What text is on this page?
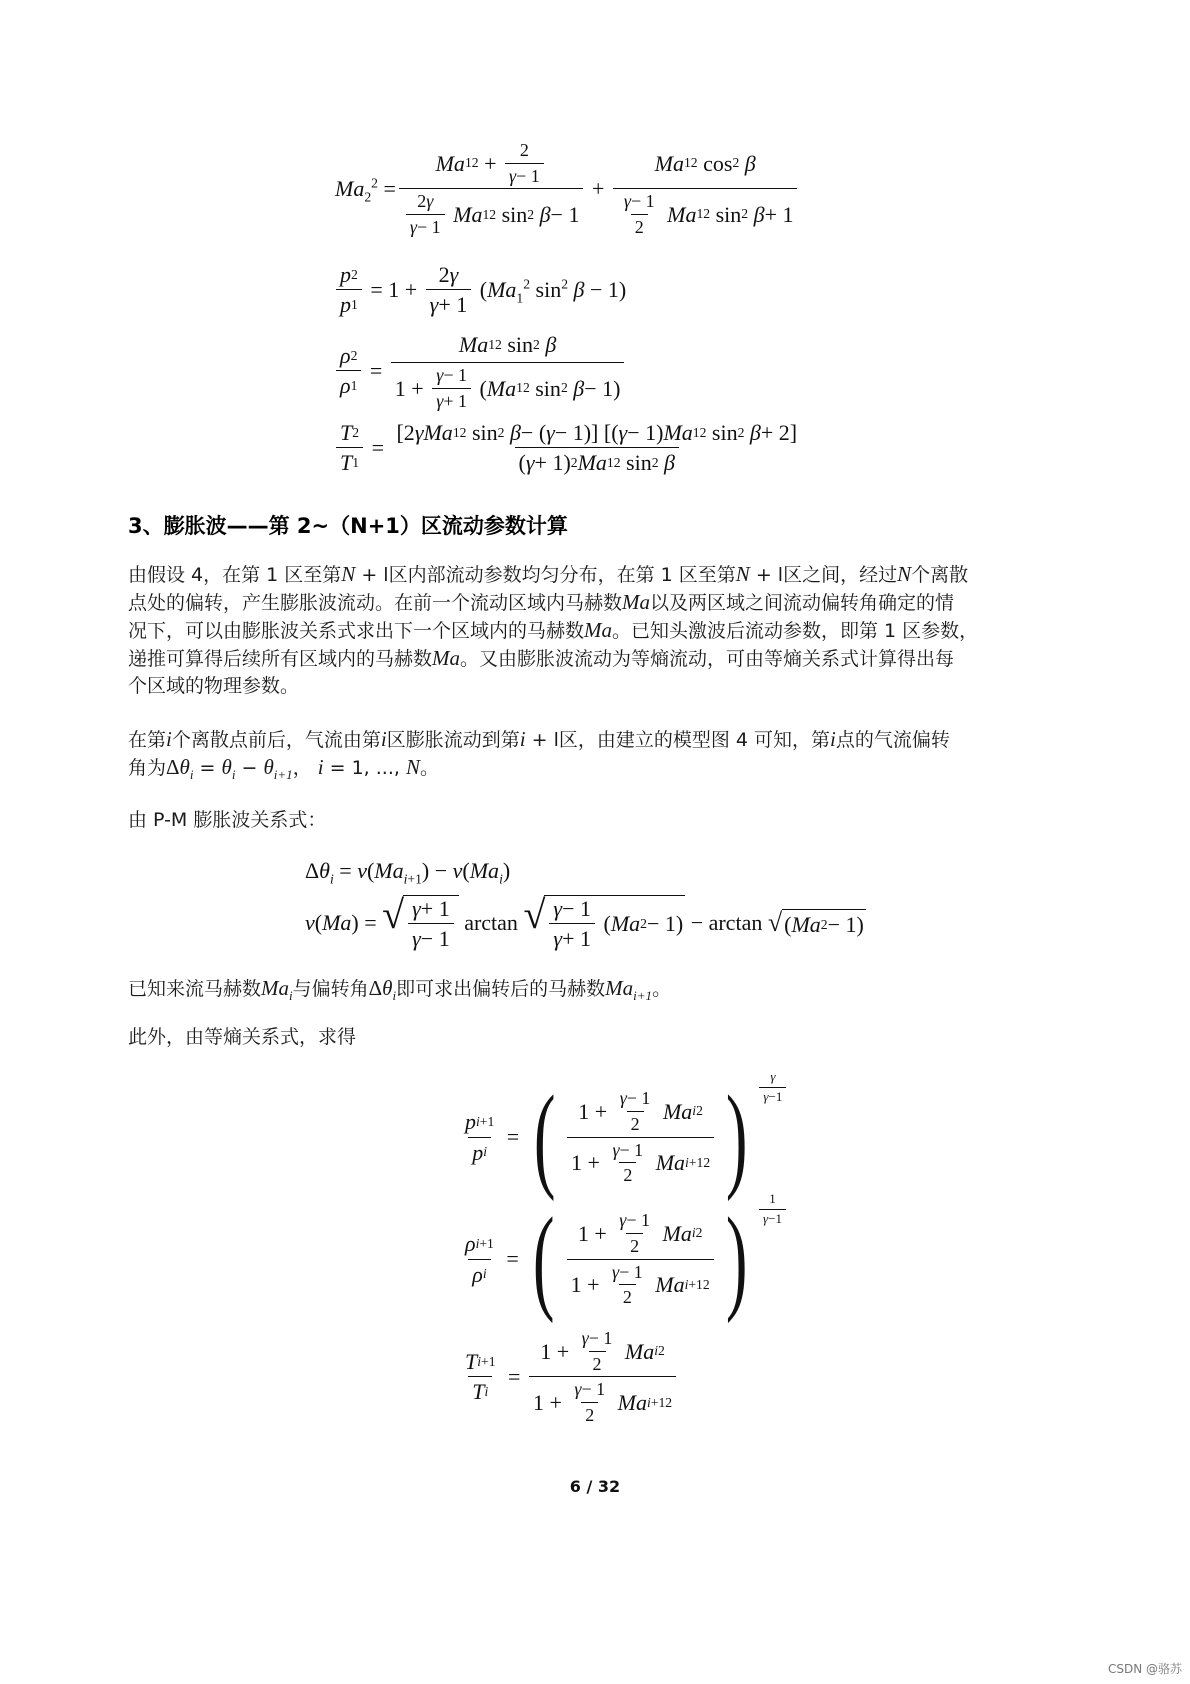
$Ma_2^2 = Ma$ 1 $2 + \frac{2}{\gamma - 1}$
$\frac{2 \gamma}{\gamma - 1}$
Ma 1 2 sin 2
β − 1 + Ma 1 2 cos 2
β
$\frac{\gamma - 1}{2}$
Ma 1 2 sin 2
β + 1
$\frac{p 2}{p 1} = 1 + \frac{2 \gamma}{\gamma + 1} (Ma_1^2$ $\sin^2 \beta - 1$)
$\frac{\rho 2}{\rho 1} = Ma$ 1 2 sin 2
β
$1 + \frac{\gamma - 1}{\gamma + 1}$ ( Ma 1 2 sin 2
β − 1)
$\frac{T 2}{T 1} = [2$ γMa 1 2 sin 2
β − ( γ − 1)] [( γ − 1) Ma 1 2 sin 2
β + 2]
( γ + 1) 2 Ma 1 2 sin 2
β
3、膨胀波——第 2~（N+1）区流动参数计算
由假设 4，在第 1 区至第N + l区内部流动参数均匀分布，在第 1 区至第N + l区之间，经过N个离散
点处的偏转，产生膨胀波流动。在前一个流动区域内马赫数Ma以及两区域之间流动偏转角确定的情
况下，可以由膨胀波关系式求出下一个区域内的马赫数Ma。已知头激波后流动参数，即第 1 区参数，
递推可算得后续所有区域内的马赫数Ma。又由膨胀波流动为等熵流动，可由等熵关系式计算得出每
个区域的物理参数。
在第i个离散点前后，气流由第i区膨胀流动到第i + l区，由建立的模型图 4 可知，第i点的气流偏转
角为$\Delta\theta_i = \theta_i - \theta_{i+1}$， i = 1, ..., N。
由 P-M 膨胀波关系式：
$\Delta\theta_i = \nu(Ma_{i+1}) - \nu(Ma_i)$
ν(Ma) = √ $\frac{\gamma + 1}{\gamma - 1}$ arctan √ $\frac{\gamma - 1}{\gamma + 1}$ ( Ma 2 − 1) − arctan √ ( Ma 2 − 1)
已知来流马赫数$Ma_i$与偏转角$\Delta\theta_i$即可求出偏转后的马赫数$Ma_{i+1}$。
此外，由等熵关系式，求得
$\frac{\text{p i+1}}{\text{p i}}$ = ( $1 + \frac{\gamma - 1}{2}$
Ma i 2
$1 + \frac{\gamma - 1}{2}$
Ma i+1 2 ) $\frac{\gamma}{\gamma -1}$
$\frac{\text{ρ i+1}}{\text{ρ i}}$ = ( $1 + \frac{\gamma - 1}{2}$
Ma i 2
$1 + \frac{\gamma - 1}{2}$
Ma i+1 2 ) $\frac{1}{\gamma -1}$
$\frac{\text{T i+1}}{\text{T i}} = 1 + \frac{\gamma - 1}{2}$
Ma i 2
$1 + \frac{\gamma - 1}{2}$
Ma i+1 2
6 / 32
CSDN @骆苏
